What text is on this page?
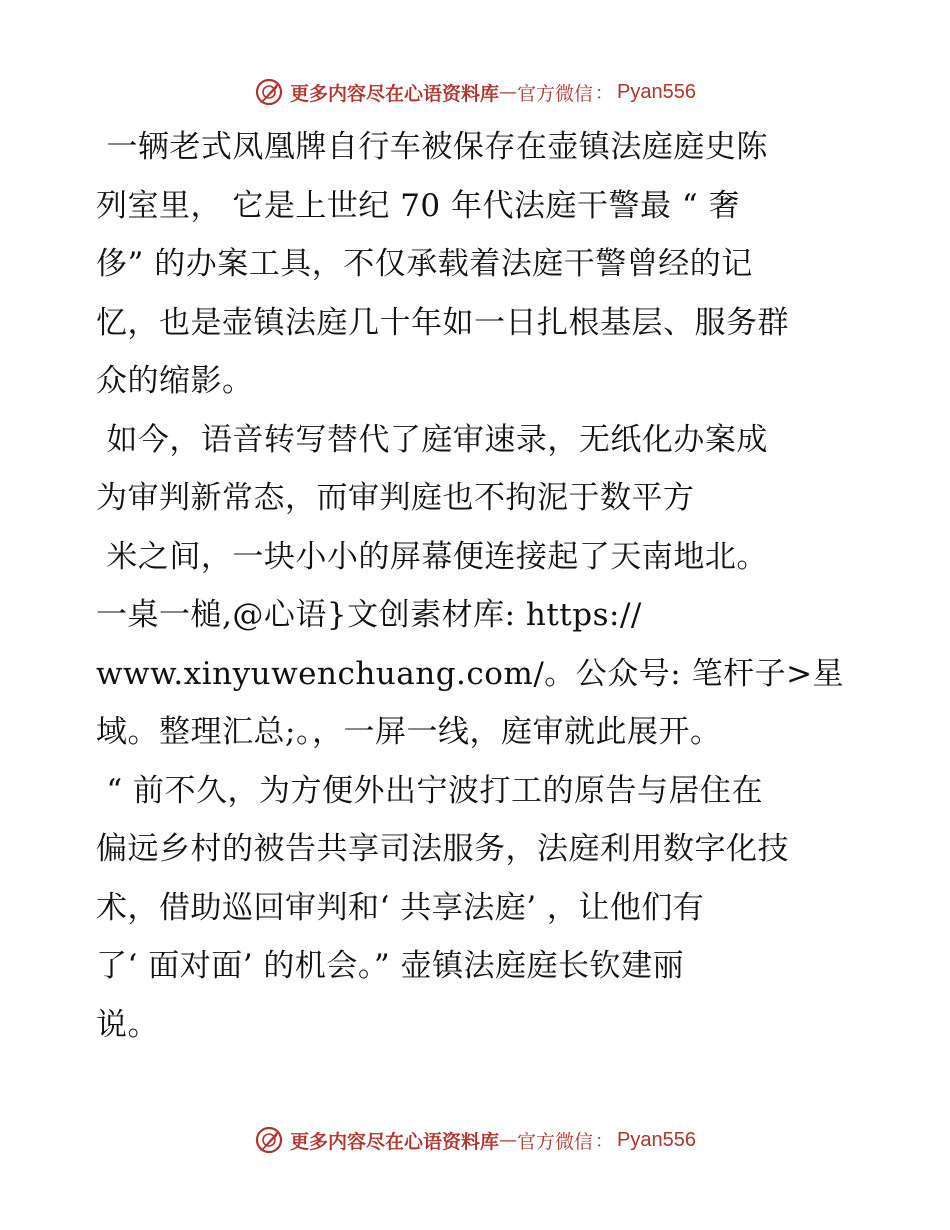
更多内容尽在心语资料库 — 官方微信 ： Pyan556

一辆老式凤凰牌自行车被保存在壶镇法庭庭史陈

列室里， 它是上世纪 70 年代法庭干警最 “ 奢

侈” 的办案工具，不仅承载着法庭干警曾经的记

忆，也是壶镇法庭几十年如一日扎根基层、服务群

众的缩影。

如今，语音转写替代了庭审速录，无纸化办案成

为审判新常态，而审判庭也不拘泥于数平方

米之间，一块小小的屏幕便连接起了天南地北。

一桌一槌,@心语}文创素材库: https://

www.xinyuwenchuang.com/。公众号: 笔杆子>星

域。整理汇总;。，一屏一线，庭审就此展开。

“ 前不久，为方便外出宁波打工的原告与居住在

偏远乡村的被告共享司法服务，法庭利用数字化技

术，借助巡回审判和‘ 共享法庭’ ，让他们有

了‘ 面对面’ 的机会。” 壶镇法庭庭长钦建丽

说。

更多内容尽在心语资料库 — 官方微信 ： Pyan556
